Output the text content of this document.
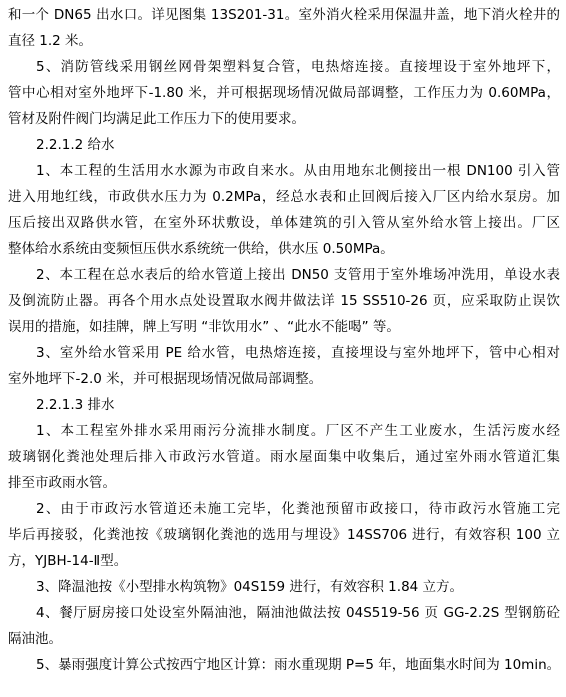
和一个 DN65 出水口。详见图集 13S201-31。室外消火栓采用保温井盖，地下消火栓井的
直径 1.2 米。
5、消防管线采用钢丝网骨架塑料复合管，电热熔连接。直接埋设于室外地坪下，
管中心相对室外地坪下-1.80 米，并可根据现场情况做局部调整，工作压力为 0.60MPa，
管材及附件阀门均满足此工作压力下的使用要求。
2.2.1.2 给水
1、本工程的生活用水水源为市政自来水。从由用地东北侧接出一根 DN100 引入管
进入用地红线，市政供水压力为 0.2MPa，经总水表和止回阀后接入厂区内给水泵房。加
压后接出双路供水管，在室外环状敷设，单体建筑的引入管从室外给水管上接出。厂区
整体给水系统由变频恒压供水系统统一供给，供水压 0.50MPa。
2、本工程在总水表后的给水管道上接出 DN50 支管用于室外堆场冲洗用，单设水表
及倒流防止器。再各个用水点处设置取水阀井做法详 15 SS510-26 页，应采取防止误饮
误用的措施，如挂牌，牌上写明 “非饮用水” 、“此水不能喝” 等。
3、室外给水管采用 PE 给水管，电热熔连接，直接埋设与室外地坪下，管中心相对
室外地坪下-2.0 米，并可根据现场情况做局部调整。
2.2.1.3 排水
1、本工程室外排水采用雨污分流排水制度。厂区不产生工业废水，生活污废水经
玻璃钢化粪池处理后排入市政污水管道。雨水屋面集中收集后，通过室外雨水管道汇集
排至市政雨水管。
2、由于市政污水管道还未施工完毕，化粪池预留市政接口，待市政污水管施工完
毕后再接驳，化粪池按《玻璃钢化粪池的选用与埋设》14SS706 进行，有效容积 100 立
方，YJBH-14-Ⅱ型。
3、降温池按《小型排水构筑物》04S159 进行，有效容积 1.84 立方。
4、餐厅厨房接口处设室外隔油池，隔油池做法按 04S519-56 页 GG-2.2S 型钢筋砼
隔油池。
5、暴雨强度计算公式按西宁地区计算：雨水重现期 P=5 年，地面集水时间为 10min。
